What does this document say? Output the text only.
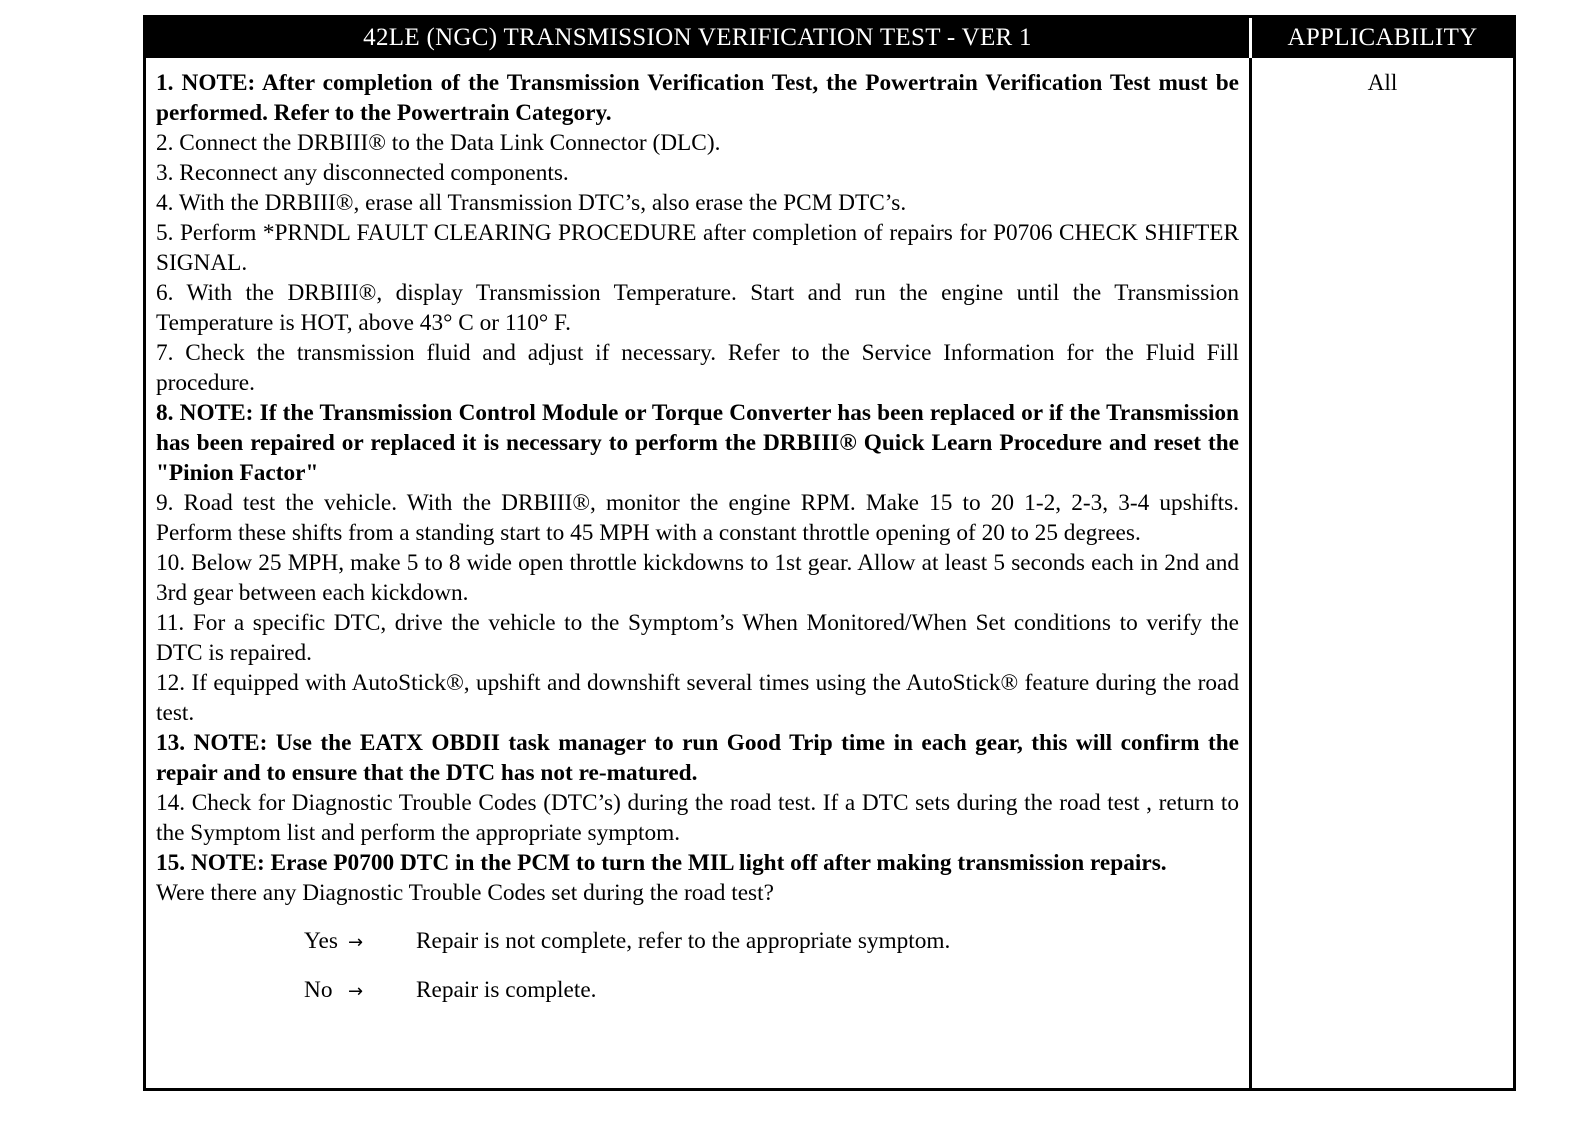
42LE (NGC) TRANSMISSION VERIFICATION TEST - VER 1	APPLICABILITY

1. NOTE: After completion of the Transmission Verification Test, the Powertrain Verification Test must be performed. Refer to the Powertrain Category.

2. Connect the DRBIII® to the Data Link Connector (DLC).

3. Reconnect any disconnected components.

4. With the DRBIII®, erase all Transmission DTC’s, also erase the PCM DTC’s.

5. Perform *PRNDL FAULT CLEARING PROCEDURE after completion of repairs for P0706 CHECK SHIFTER SIGNAL.

6. With the DRBIII®, display Transmission Temperature. Start and run the engine until the Transmission Temperature is HOT, above 43° C or 110° F.

7. Check the transmission fluid and adjust if necessary. Refer to the Service Information for the Fluid Fill procedure.

8. NOTE: If the Transmission Control Module or Torque Converter has been replaced or if the Transmission has been repaired or replaced it is necessary to perform the DRBIII® Quick Learn Procedure and reset the "Pinion Factor"

9. Road test the vehicle. With the DRBIII®, monitor the engine RPM. Make 15 to 20 1-2, 2-3, 3-4 upshifts. Perform these shifts from a standing start to 45 MPH with a constant throttle opening of 20 to 25 degrees.

10. Below 25 MPH, make 5 to 8 wide open throttle kickdowns to 1st gear. Allow at least 5 seconds each in 2nd and 3rd gear between each kickdown.

11. For a specific DTC, drive the vehicle to the Symptom’s When Monitored/When Set conditions to verify the DTC is repaired.

12. If equipped with AutoStick®, upshift and downshift several times using the AutoStick® feature during the road test.

13. NOTE: Use the EATX OBDII task manager to run Good Trip time in each gear, this will confirm the repair and to ensure that the DTC has not re-matured.

14. Check for Diagnostic Trouble Codes (DTC’s) during the road test. If a DTC sets during the road test , return to the Symptom list and perform the appropriate symptom.

15. NOTE: Erase P0700 DTC in the PCM to turn the MIL light off after making transmission repairs.

Were there any Diagnostic Trouble Codes set during the road test?

Yes →	Repair is not complete, refer to the appropriate symptom.
No →	Repair is complete.
All
